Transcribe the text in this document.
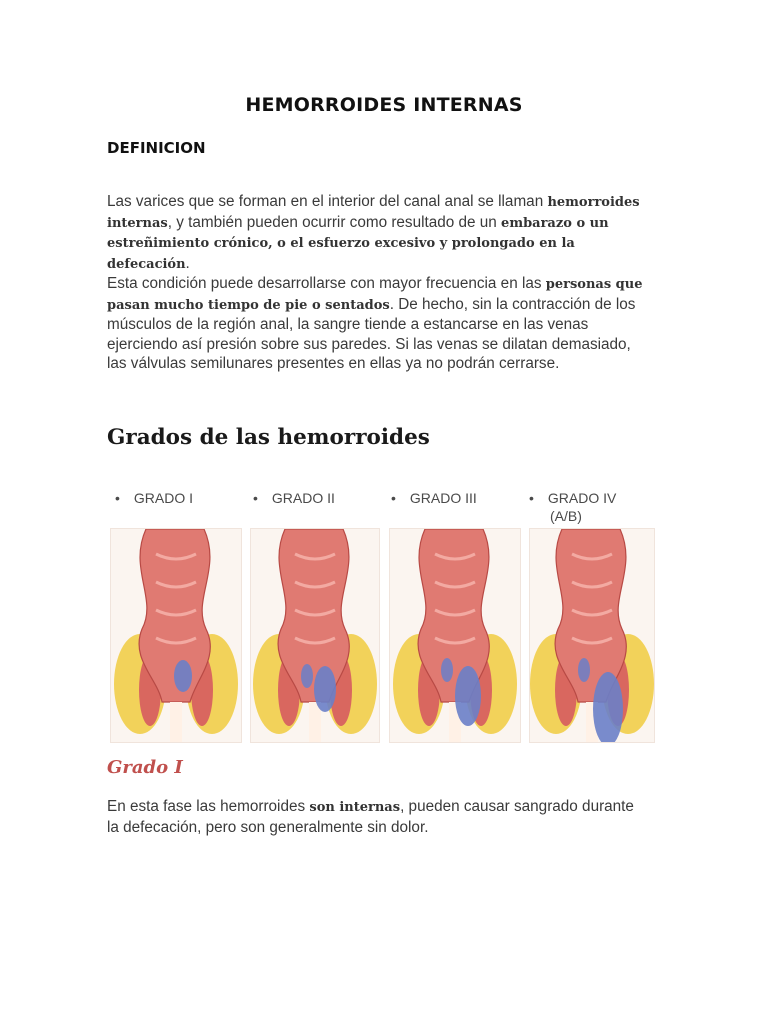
HEMORROIDES INTERNAS
DEFINICION
Las varices que se forman en el interior del canal anal se llaman hemorroides internas, y también pueden ocurrir como resultado de un embarazo o un estreñimiento crónico, o el esfuerzo excesivo y prolongado en la defecación.
Esta condición puede desarrollarse con mayor frecuencia en las personas que pasan mucho tiempo de pie o sentados. De hecho, sin la contracción de los músculos de la región anal, la sangre tiende a estancarse en las venas ejerciendo así presión sobre sus paredes. Si las venas se dilatan demasiado, las válvulas semilunares presentes en ellas ya no podrán cerrarse.
Grados de las hemorroides
• GRADO I	• GRADO II	• GRADO III	• GRADO IV
(A/B)
Grado I
En esta fase las hemorroides son internas, pueden causar sangrado durante la defecación, pero son generalmente sin dolor.
